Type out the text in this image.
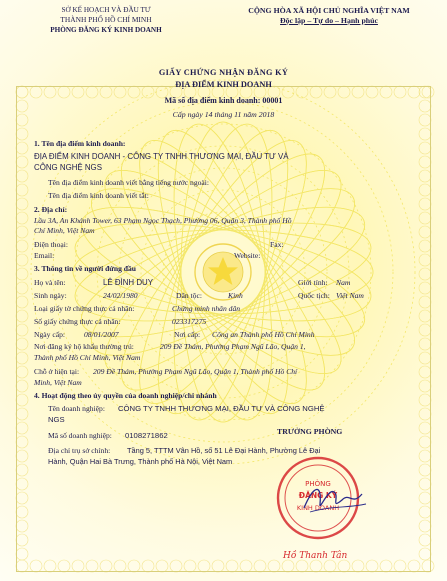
SỞ KẾ HOẠCH VÀ ĐẦU TƯ
THÀNH PHỐ HỒ CHÍ MINH
PHÒNG ĐĂNG KÝ KINH DOANH
CỘNG HÒA XÃ HỘI CHỦ NGHĨA VIỆT NAM
Độc lập – Tự do – Hạnh phúc
GIẤY CHỨNG NHẬN ĐĂNG KÝ
ĐỊA ĐIỂM KINH DOANH
Mã số địa điểm kinh doanh: 00001
Cấp ngày 14 tháng 11 năm 2018
1. Tên địa điểm kinh doanh:
ĐỊA ĐIỂM KINH DOANH - CÔNG TY TNHH THƯƠNG MẠI, ĐẦU TƯ VÀ
CÔNG NGHỆ NGS
Tên địa điểm kinh doanh viết bằng tiếng nước ngoài:
Tên địa điểm kinh doanh viết tắt:
2. Địa chỉ:
Lầu 3A, An Khánh Tower, 63 Phạm Ngọc Thạch, Phường 06, Quận 3, Thành phố Hồ
Chí Minh, Việt Nam
Điện thoại:	Fax:
Email:	Website:
3. Thông tin về người đứng đầu
Họ và tên:	LÊ ĐÌNH DUY	Giới tính: Nam
Sinh ngày:	24/02/1980	Dân tộc:	Kinh	Quốc tịch: Việt Nam
Loại giấy tờ chứng thực cá nhân:	Chứng minh nhân dân
Số giấy chứng thực cá nhân:	023317275
Ngày cấp:	08/01/2007	Nơi cấp: Công an Thành phố Hồ Chí Minh
Nơi đăng ký hộ khẩu thường trú:	209 Đề Thám, Phường Phạm Ngũ Lão, Quận 1,
Thành phố Hồ Chí Minh, Việt Nam
Chỗ ở hiện tại: 209 Đề Thám, Phường Phạm Ngũ Lão, Quận 1, Thành phố Hồ Chí
Minh, Việt Nam
4. Hoạt động theo ủy quyền của doanh nghiệp/chi nhánh
Tên doanh nghiệp: CÔNG TY TNHH THƯƠNG MẠI, ĐẦU TƯ VÀ CÔNG NGHỆ
NGS
Mã số doanh nghiệp: 0108271862
Địa chỉ trụ sở chính: Tầng 5, TTTM Vân Hồ, số 51 Lê Đại Hành, Phường Lê Đại
Hành, Quận Hai Bà Trưng, Thành phố Hà Nội, Việt Nam
TRƯỞNG PHÒNG
PHÒNG
ĐĂNG KÝ
KINH DOANH
Hồ Thanh Tân
